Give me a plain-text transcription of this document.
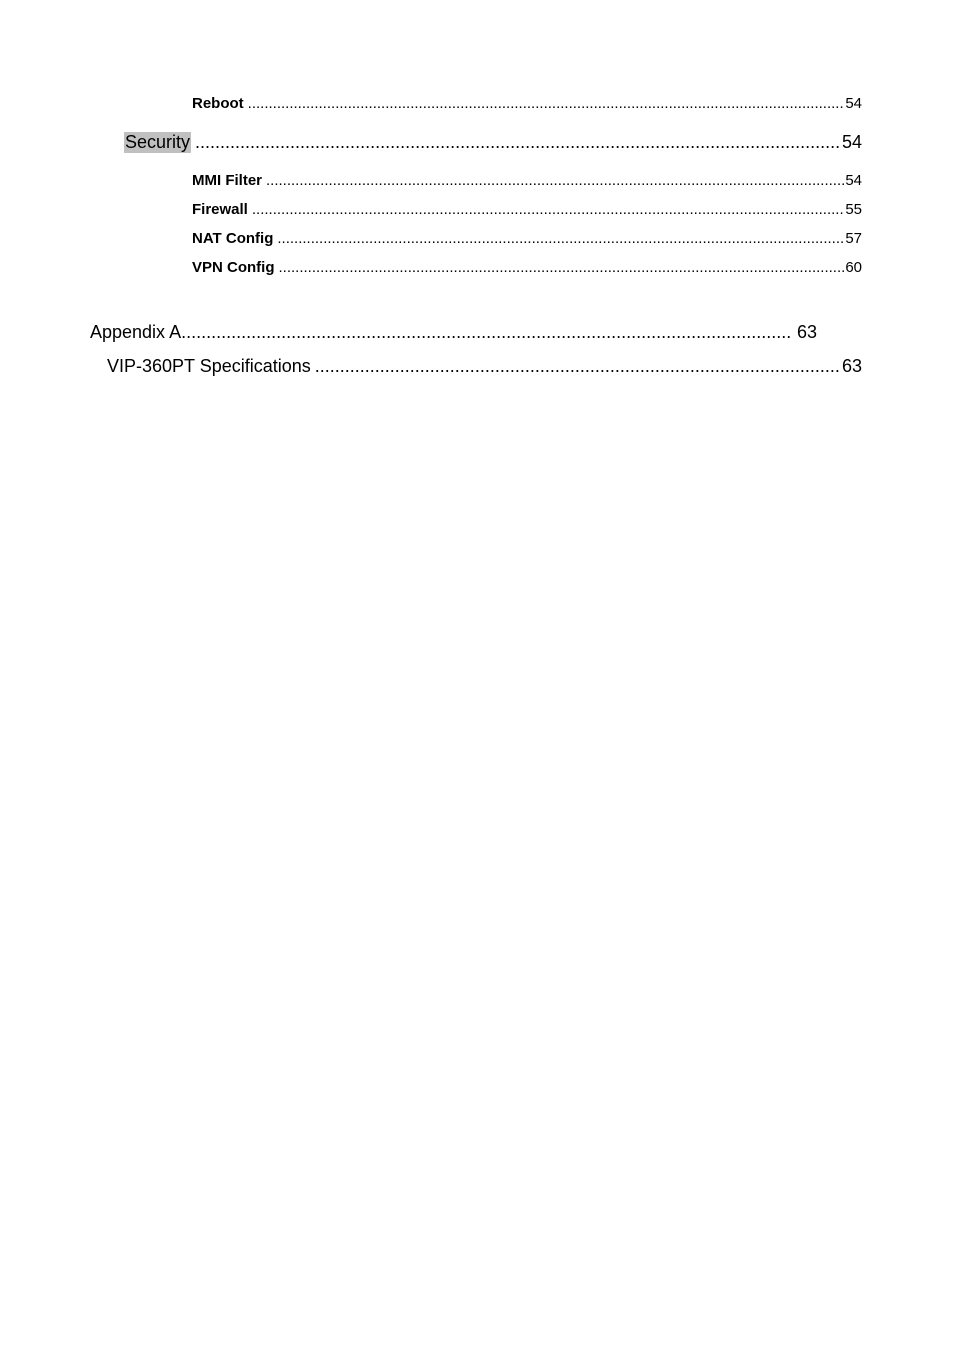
Reboot .....	54
Security .....	54
MMI Filter .....	54
Firewall .....	55
NAT Config .....	57
VPN Config .....	60
Appendix A .....	63
VIP-360PT Specifications .....	63
